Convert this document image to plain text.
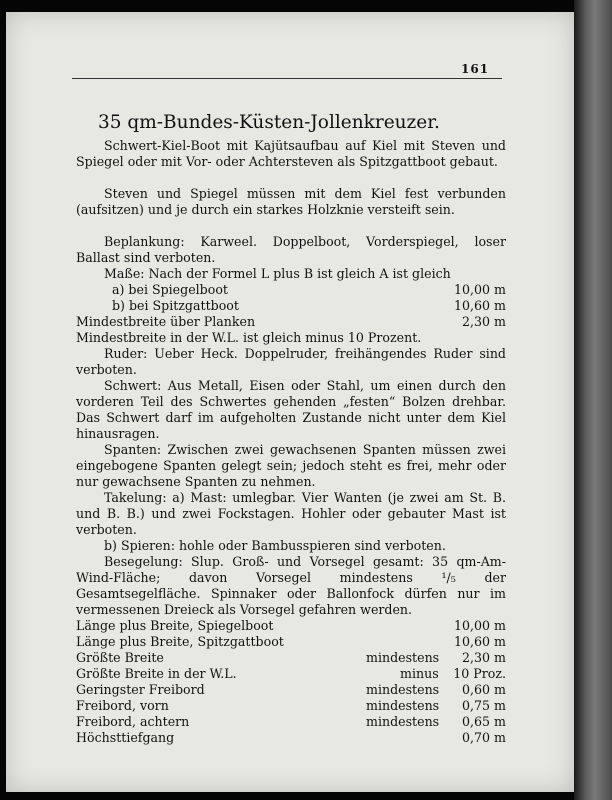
161
35 qm-Bundes-Küsten-Jollenkreuzer.

Schwert-Kiel-Boot mit Kajütsaufbau auf Kiel mit Steven und Spiegel oder mit Vor- oder Achtersteven als Spitzgattboot gebaut.

Steven und Spiegel müssen mit dem Kiel fest verbunden (aufsitzen) und je durch ein starkes Holzknie versteift sein.

Beplankung: Karweel. Doppelboot, Vorderspiegel, loser Ballast sind verboten.

Maße: Nach der Formel L plus B ist gleich A ist gleich
a) bei Spiegelboot	10,00 m
b) bei Spitzgattboot	10,60 m
Mindestbreite über Planken	2,30 m
Mindestbreite in der W.L. ist gleich minus 10 Prozent.

Ruder: Ueber Heck. Doppelruder, freihängendes Ruder sind verboten.

Schwert: Aus Metall, Eisen oder Stahl, um einen durch den vorderen Teil des Schwertes gehenden „festen“ Bolzen drehbar. Das Schwert darf im aufgeholten Zustande nicht unter dem Kiel hinausragen.

Spanten: Zwischen zwei gewachsenen Spanten müssen zwei eingebogene Spanten gelegt sein; jedoch steht es frei, mehr oder nur gewachsene Spanten zu nehmen.

Takelung: a) Mast: umlegbar. Vier Wanten (je zwei am St. B. und B. B.) und zwei Fockstagen. Hohler oder gebauter Mast ist verboten.

b) Spieren: hohle oder Bambusspieren sind verboten.

Besegelung: Slup. Groß- und Vorsegel gesamt: 35 qm-Am-Wind-Fläche; davon Vorsegel mindestens ¹/₅ der Gesamtsegelfläche. Spinnaker oder Ballonfock dürfen nur im vermessenen Dreieck als Vorsegel gefahren werden.

Länge plus Breite, Spiegelboot	10,00 m
Länge plus Breite, Spitzgattboot	10,60 m
Größte Breite	mindestens 2,30 m
Größte Breite in der W.L.	minus 10 Proz.
Geringster Freibord	mindestens 0,60 m
Freibord, vorn	mindestens 0,75 m
Freibord, achtern	mindestens 0,65 m
Höchsttiefgang	0,70 m
